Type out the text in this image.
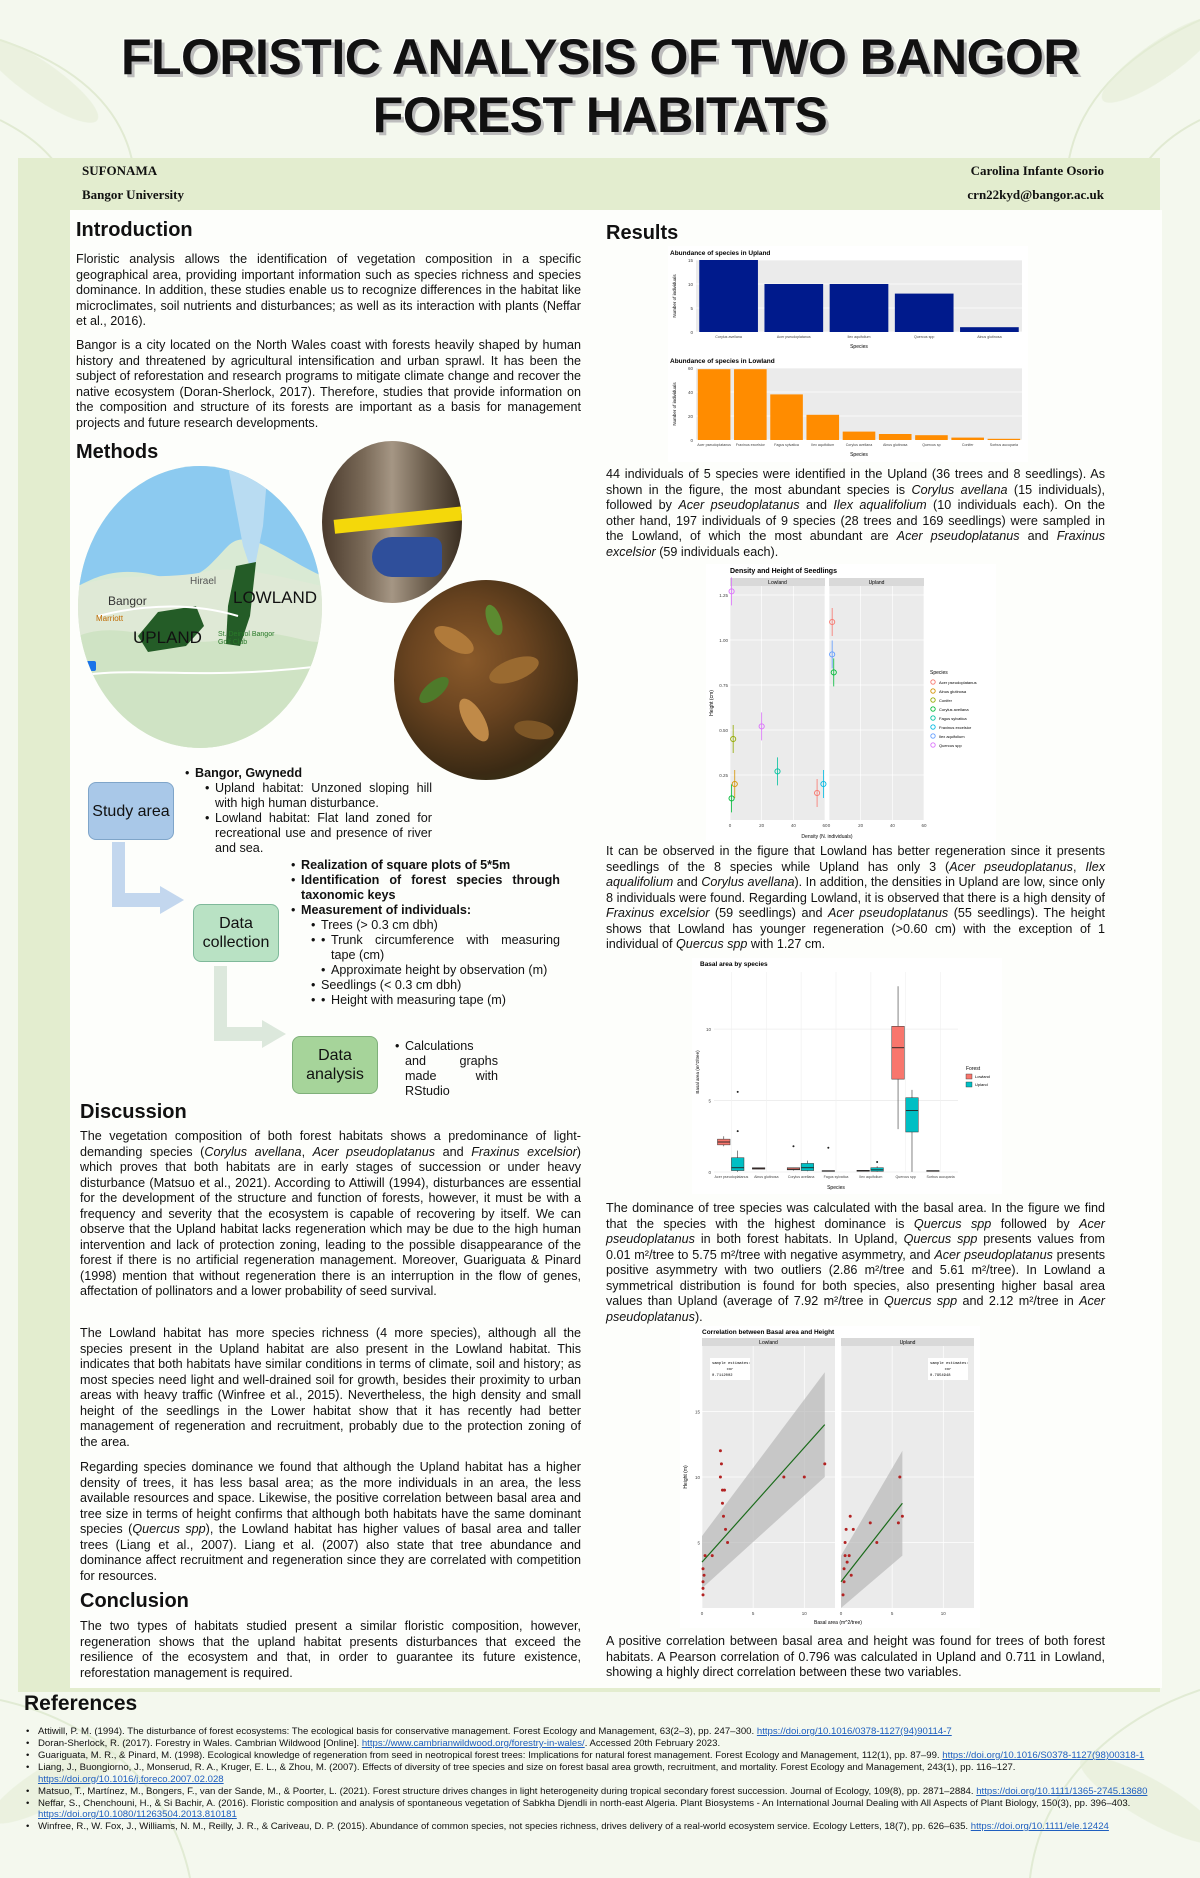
FLORISTIC ANALYSIS OF TWO BANGOR
FOREST HABITATS
SUFONAMA
Bangor University
Carolina Infante Osorio
crn22kyd@bangor.ac.uk
Introduction

Floristic analysis allows the identification of vegetation composition in a specific geographical area, providing important information such as species richness and species dominance. In addition, these studies enable us to recognize differences in the habitat like microclimates, soil nutrients and disturbances; as well as its interaction with plants (Neffar et al., 2016).

Bangor is a city located on the North Wales coast with forests heavily shaped by human history and threatened by agricultural intensification and urban sprawl. It has been the subject of reforestation and research programs to mitigate climate change and recover the native ecosystem (Doran-Sherlock, 2017). Therefore, studies that provide information on the composition and structure of its forests are important as a basis for management projects and future research developments.

Methods
Hirael
Bangor	LOWLAND
UPLAND
Marriott
St. Deiniol Bangor Golf Club
Study area
Data collection
Data analysis
• Bangor, Gwynedd
• Upland habitat: Unzoned sloping hill with high human disturbance.
• Lowland habitat: Flat land zoned for recreational use and presence of river and sea.
• Realization of square plots of 5*5m
• Identification of forest species through taxonomic keys
• Measurement of individuals:
• Trees (> 0.3 cm dbh)
• • Trunk circumference with measuring tape (cm)
• Approximate height by observation (m)
• Seedlings (< 0.3 cm dbh)
• • Height with measuring tape (m)
• Calculations and graphs made with RStudio
Discussion

The vegetation composition of both forest habitats shows a predominance of light-demanding species (Corylus avellana, Acer pseudoplatanus and Fraxinus excelsior) which proves that both habitats are in early stages of succession or under heavy disturbance (Matsuo et al., 2021). According to Attiwill (1994), disturbances are essential for the development of the structure and function of forests, however, it must be with a frequency and severity that the ecosystem is capable of recovering by itself. We can observe that the Upland habitat lacks regeneration which may be due to the high human intervention and lack of protection zoning, leading to the possible disappearance of the forest if there is no artificial regeneration management. Moreover, Guariguata & Pinard (1998) mention that without regeneration there is an interruption in the flow of genes, affectation of pollinators and a lower probability of seed survival.

The Lowland habitat has more species richness (4 more species), although all the species present in the Upland habitat are also present in the Lowland habitat. This indicates that both habitats have similar conditions in terms of climate, soil and history; as most species need light and well-drained soil for growth, besides their proximity to urban areas with heavy traffic (Winfree et al., 2015). Nevertheless, the high density and small height of the seedlings in the Lower habitat show that it has recently had better management of regeneration and recruitment, probably due to the protection zoning of the area.

Regarding species dominance we found that although the Upland habitat has a higher density of trees, it has less basal area; as the more individuals in an area, the less available resources and space. Likewise, the positive correlation between basal area and tree size in terms of height confirms that although both habitats have the same dominant species (Quercus spp), the Lowland habitat has higher values of basal area and taller trees (Liang et al., 2007). Liang et al. (2007) also state that tree abundance and dominance affect recruitment and regeneration since they are correlated with competition for resources.

Conclusion

The two types of habitats studied present a similar floristic composition, however, regeneration shows that the upland habitat presents disturbances that exceed the resilience of the ecosystem and that, in order to guarantee its future existence, reforestation management is required.

Results
Abundance of species in Upland
0
5
10
15
Corylus avellana	Acer pseudoplatanus	Ilex aquifolium	Quercus spp	Alnus glutinosa
Species
Number of individuals
Abundance of species in Lowland
0
20
40
60
Acer pseudoplatanus Fraxinus excelsior	Fagus sylvatica	Ilex aquifolium	Corylus avellana	Alnus glutinosa	Quercus sp	Conifer	Sorbus aucuparia
Species
Number of individuals

44 individuals of 5 species were identified in the Upland (36 trees and 8 seedlings). As shown in the figure, the most abundant species is Corylus avellana (15 individuals), followed by Acer pseudoplatanus and Ilex aqualifolium (10 individuals each). On the other hand, 197 individuals of 9 species (28 trees and 169 seedlings) were sampled in the Lowland, of which the most abundant are Acer pseudoplatanus and Fraxinus excelsior (59 individuals each).

Density and Height of Seedlings
Lowland
0.25
0.50
0.75
1.00
1.25
0	20	40	60
Upland
0	20	40	60
Density (N. individuals)
Height (cm)
Species
Acer pseudoplatanus
Alnus glutinosa
Conifer
Corylus avellana
Fagus sylvatica
Fraxinus excelsior
Ilex aquifolium
Quercus spp

It can be observed in the figure that Lowland has better regeneration since it presents seedlings of the 8 species while Upland has only 3 (Acer pseudoplatanus, Ilex aqualifolium and Corylus avellana). In addition, the densities in Upland are low, since only 8 individuals were found. Regarding Lowland, it is observed that there is a high density of Fraxinus excelsior (59 seedlings) and Acer pseudoplatanus (55 seedlings). The height shows that Lowland has younger regeneration (>0.60 cm) with the exception of 1 individual of Quercus spp with 1.27 cm.

Basal area by species
0
5
10
Acer pseudoplatanus Alnus glutinosa	Corylus avellana	Fagus sylvatica	Ilex aquifolium	Quercus spp	Sorbus aucuparia
Species
Basal area (m^2/tree)	Forest
Lowland
Upland

The dominance of tree species was calculated with the basal area. In the figure we find that the species with the highest dominance is Quercus spp followed by Acer pseudoplatanus in both forest habitats. In Upland, Quercus spp presents values from 0.01 m²/tree to 5.75 m²/tree with negative asymmetry, and Acer pseudoplatanus presents positive asymmetry with two outliers (2.86 m²/tree and 5.61 m²/tree). In Lowland a symmetrical distribution is found for both species, also presenting higher basal area values than Upland (average of 7.92 m²/tree in Quercus spp and 2.12 m²/tree in Acer pseudoplatanus).

Correlation between Basal area and Height
Lowland
5
10
15
0	5	10
sample estimates:
cor
0.7112002
Upland
0	5	10
sample estimates:
cor
0.7954948
Basal area (m^2/tree)
Height (m)

A positive correlation between basal area and height was found for trees of both forest habitats. A Pearson correlation of 0.796 was calculated in Upland and 0.711 in Lowland, showing a highly direct correlation between these two variables.

References
• Attiwill, P. M. (1994). The disturbance of forest ecosystems: The ecological basis for conservative management. Forest Ecology and Management, 63(2–3), pp. 247–300. https://doi.org/10.1016/0378-1127(94)90114-7
• Doran-Sherlock, R. (2017). Forestry in Wales. Cambrian Wildwood [Online]. https://www.cambrianwildwood.org/forestry-in-wales/. Accessed 20th February 2023.
• Guariguata, M. R., & Pinard, M. (1998). Ecological knowledge of regeneration from seed in neotropical forest trees: Implications for natural forest management. Forest Ecology and Management, 112(1), pp. 87–99. https://doi.org/10.1016/S0378-1127(98)00318-1
• Liang, J., Buongiorno, J., Monserud, R. A., Kruger, E. L., & Zhou, M. (2007). Effects of diversity of tree species and size on forest basal area growth, recruitment, and mortality. Forest Ecology and Management, 243(1), pp. 116–127. https://doi.org/10.1016/j.foreco.2007.02.028
• Matsuo, T., Martínez, M., Bongers, F., van der Sande, M., & Poorter, L. (2021). Forest structure drives changes in light heterogeneity during tropical secondary forest succession. Journal of Ecology, 109(8), pp. 2871–2884. https://doi.org/10.1111/1365-2745.13680
• Neffar, S., Chenchouni, H., & Si Bachir, A. (2016). Floristic composition and analysis of spontaneous vegetation of Sabkha Djendli in north-east Algeria. Plant Biosystems - An International Journal Dealing with All Aspects of Plant Biology, 150(3), pp. 396–403. https://doi.org/10.1080/11263504.2013.810181
• Winfree, R., W. Fox, J., Williams, N. M., Reilly, J. R., & Cariveau, D. P. (2015). Abundance of common species, not species richness, drives delivery of a real-world ecosystem service. Ecology Letters, 18(7), pp. 626–635. https://doi.org/10.1111/ele.12424
